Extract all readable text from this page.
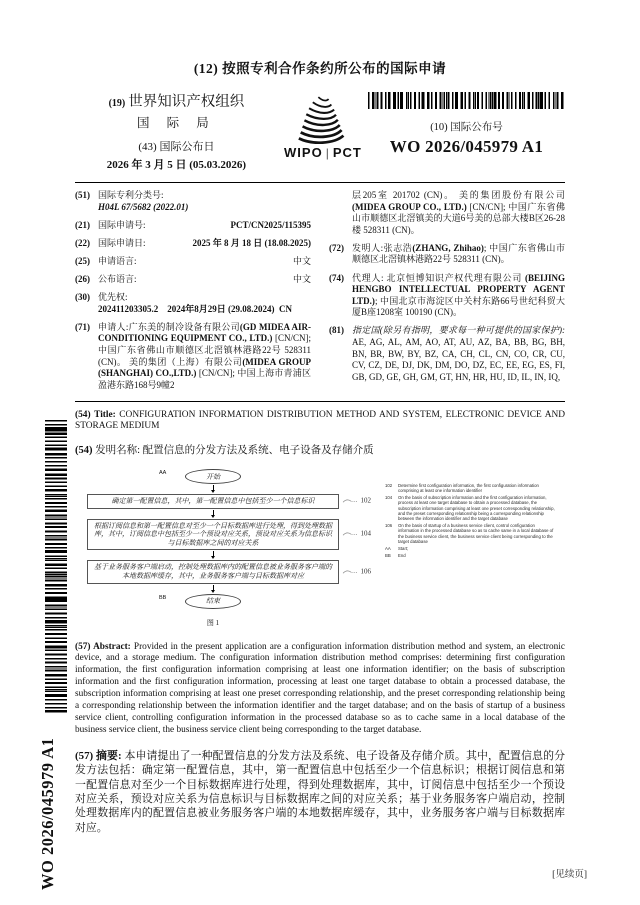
WO 2026/045979 A1
(12) 按照专利合作条约所公布的国际申请
(19) 世界知识产权组织
国 际 局
(43) 国际公布日
2026 年 3 月 5 日 (05.03.2026)
WIPO | PCT
(10) 国际公布号
WO 2026/045979 A1
(51) 国际专利分类号:
H04L 67/5682 (2022.01)
(21) 国际申请号:	PCT/CN2025/115395
(22) 国际申请日:	2025 年 8 月 18 日 (18.08.2025)
(25) 申请语言:	中文
(26) 公布语言:	中文
(30) 优先权:
202411203305.2 2024年8月29日 (29.08.2024) CN
(71) 申请人:广东美的制冷设备有限公司(GD MIDEA AIR-CONDITIONING EQUIPMENT CO., LTD.) [CN/CN]; 中国广东省佛山市顺德区北滘镇林港路22号 528311 (CN)。 美的集团（上海）有限公司(MIDEA GROUP (SHANGHAI) CO.,LTD.) [CN/CN]; 中国上海市青浦区盈港东路168号9幢2
层205室 201702 (CN)。 美的集团股份有限公司(MIDEA GROUP CO., LTD.) [CN/CN]; 中国广东省佛山市顺德区北滘镇美的大道6号美的总部大楼B区26-28楼 528311 (CN)。
(72) 发明人:张志浩(ZHANG, Zhihao); 中国广东省佛山市顺德区北滘镇林港路22号 528311 (CN)。
(74) 代理人: 北京恒博知识产权代理有限公司 (BEIJING HENGBO INTELLECTUAL PROPERTY AGENT LTD.); 中国北京市海淀区中关村东路66号世纪科贸大厦B座1208室 100190 (CN)。
(81) 指定国(除另有指明，要求每一种可提供的国家保护): AE, AG, AL, AM, AO, AT, AU, AZ, BA, BB, BG, BH, BN, BR, BW, BY, BZ, CA, CH, CL, CN, CO, CR, CU, CV, CZ, DE, DJ, DK, DM, DO, DZ, EC, EE, EG, ES, FI, GB, GD, GE, GH, GM, GT, HN, HR, HU, ID, IL, IN, IQ,
(54) Title: CONFIGURATION INFORMATION DISTRIBUTION METHOD AND SYSTEM, ELECTRONIC DEVICE AND STORAGE MEDIUM
(54) 发明名称: 配置信息的分发方法及系统、电子设备及存储介质
AA	开始
确定第一配置信息，其中，第一配置信息中包括至少一个信息标识	102
根据订阅信息和第一配置信息对至少一个目标数据库进行处理，得到处理数据库，其中，订阅信息中包括至少一个预设对应关系，预设对应关系为信息标识与目标数据库之间的对应关系
104
基于业务服务客户端启动，控制处理数据库内的配置信息被业务服务客户端的本地数据库缓存，其中，业务服务客户端与目标数据库对应
106
BB	结束
图 1
102 Determine first configuration information, the first configuration information comprising at least one information identifier
104 On the basis of subscription information and the first configuration information, process at least one target database to obtain a processed database, the subscription information comprising at least one preset corresponding relationship, and the preset corresponding relationship being a corresponding relationship between the information identifier and the target database
106 On the basis of startup of a business service client, control configuration information in the processed database so as to cache same in a local database of the business service client, the business service client being corresponding to the target database
AA Start;
BB End
(57) Abstract: Provided in the present application are a configuration information distribution method and system, an electronic device, and a storage medium. The configuration information distribution method comprises: determining first configuration information, the first configuration information comprising at least one information identifier; on the basis of subscription information and the first configuration information, processing at least one target database to obtain a processed database, the subscription information comprising at least one preset corresponding relationship, and the preset corresponding relationship being a corresponding relationship between the information identifier and the target database; and on the basis of startup of a business service client, controlling configuration information in the processed database so as to cache same in a local database of the business service client, the business service client being corresponding to the target database.
(57) 摘要: 本申请提出了一种配置信息的分发方法及系统、电子设备及存储介质。其中，配置信息的分发方法包括：确定第一配置信息，其中，第一配置信息中包括至少一个信息标识；根据订阅信息和第一配置信息对至少一个目标数据库进行处理，得到处理数据库，其中，订阅信息中包括至少一个预设对应关系，预设对应关系为信息标识与目标数据库之间的对应关系；基于业务服务客户端启动，控制处理数据库内的配置信息被业务服务客户端的本地数据库缓存，其中，业务服务客户端与目标数据库对应。
[见续页]
